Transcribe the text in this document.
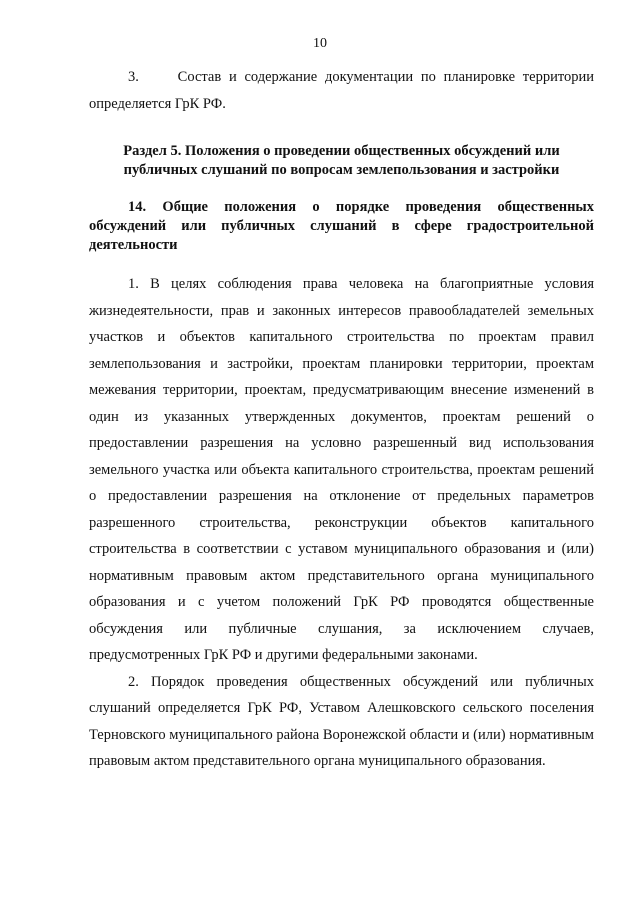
10

3.     Состав и содержание документации по планировке территории определяется ГрК РФ.

Раздел 5. Положения о проведении общественных обсуждений или публичных слушаний по вопросам землепользования и застройки

14. Общие положения о порядке проведения общественных обсуждений или публичных слушаний в сфере градостроительной деятельности

1. В целях соблюдения права человека на благоприятные условия жизнедеятельности, прав и законных интересов правообладателей земельных участков и объектов капитального строительства по проектам правил землепользования и застройки, проектам планировки территории, проектам межевания территории, проектам, предусматривающим внесение изменений в один из указанных утвержденных документов, проектам решений о предоставлении разрешения на условно разрешенный вид использования земельного участка или объекта капитального строительства, проектам решений о предоставлении разрешения на отклонение от предельных параметров разрешенного строительства, реконструкции объектов капитального строительства в соответствии с уставом муниципального образования и (или) нормативным правовым актом представительного органа муниципального образования и с учетом положений ГрК РФ проводятся общественные обсуждения или публичные слушания, за исключением случаев, предусмотренных ГрК РФ и другими федеральными законами.

2. Порядок проведения общественных обсуждений или публичных слушаний определяется ГрК РФ, Уставом Алешковского сельского поселения Терновского муниципального района Воронежской области и (или) нормативным правовым актом представительного органа муниципального образования.
